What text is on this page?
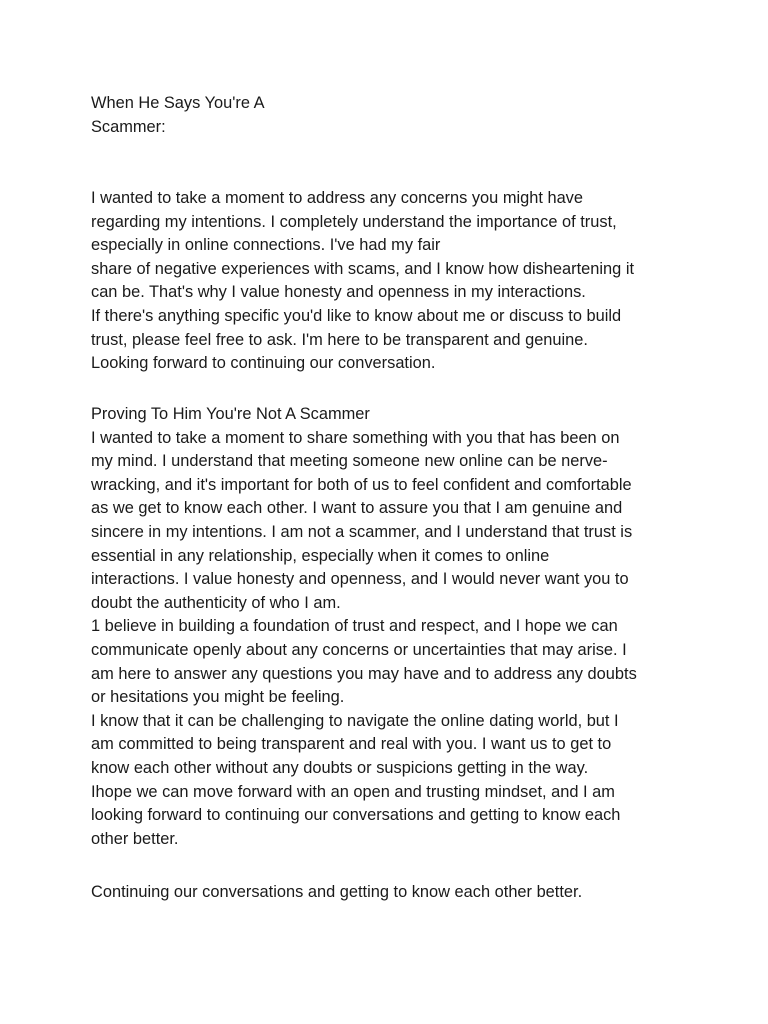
When He Says You're A
Scammer:
I wanted to take a moment to address any concerns you might have
regarding my intentions. I completely understand the importance of trust,
especially in online connections. I've had my fair
share of negative experiences with scams, and I know how disheartening it
can be. That's why I value honesty and openness in my interactions.
If there's anything specific you'd like to know about me or discuss to build
trust, please feel free to ask. I'm here to be transparent and genuine.
Looking forward to continuing our conversation.
Proving To Him You're Not A Scammer
I wanted to take a moment to share something with you that has been on
my mind. I understand that meeting someone new online can be nerve-
wracking, and it's important for both of us to feel confident and comfortable
as we get to know each other. I want to assure you that I am genuine and
sincere in my intentions. I am not a scammer, and I understand that trust is
essential in any relationship, especially when it comes to online
interactions. I value honesty and openness, and I would never want you to
doubt the authenticity of who I am.
1 believe in building a foundation of trust and respect, and I hope we can
communicate openly about any concerns or uncertainties that may arise. I
am here to answer any questions you may have and to address any doubts
or hesitations you might be feeling.
I know that it can be challenging to navigate the online dating world, but I
am committed to being transparent and real with you. I want us to get to
know each other without any doubts or suspicions getting in the way.
Ihope we can move forward with an open and trusting mindset, and I am
looking forward to continuing our conversations and getting to know each
other better.
Continuing our conversations and getting to know each other better.
